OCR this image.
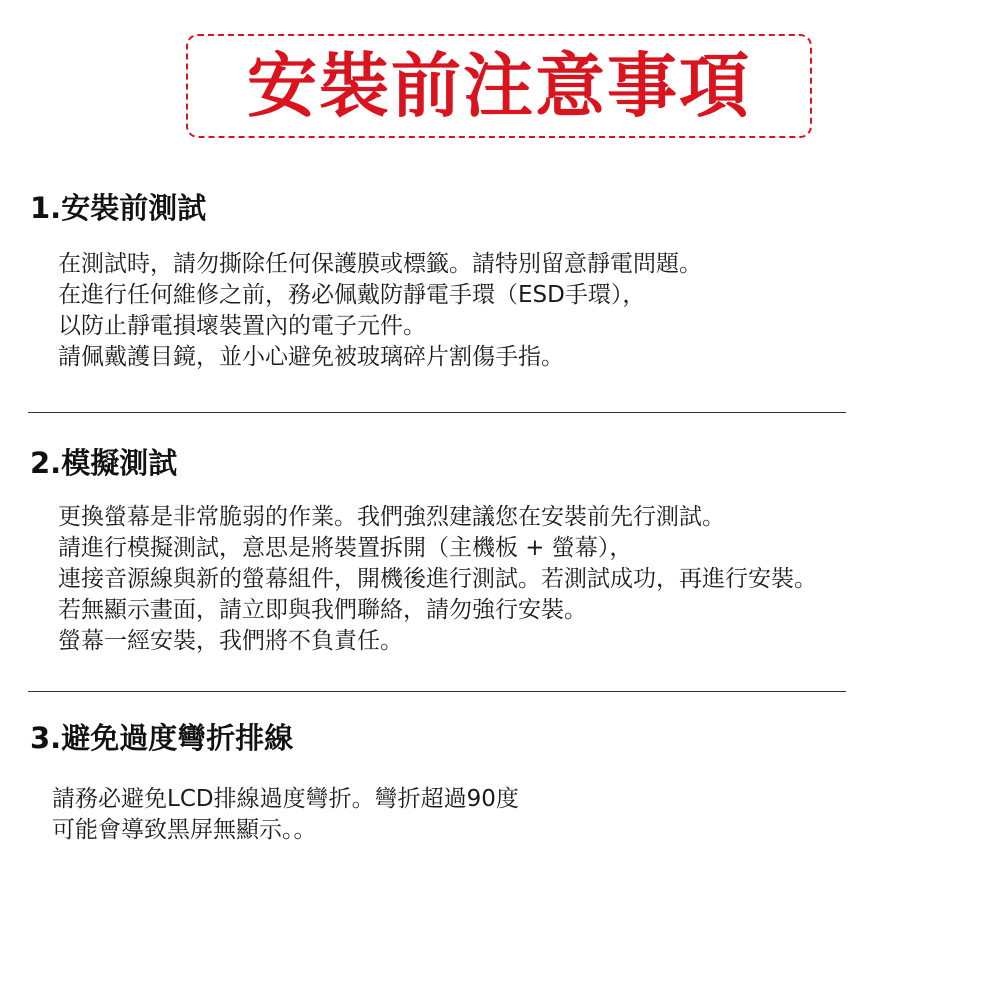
安裝前注意事項
1.安裝前測試
在測試時，請勿撕除任何保護膜或標籤。請特別留意靜電問題。
在進行任何維修之前，務必佩戴防靜電手環（ESD手環），
以防止靜電損壞裝置內的電子元件。
請佩戴護目鏡，並小心避免被玻璃碎片割傷手指。
2.模擬測試
更換螢幕是非常脆弱的作業。我們強烈建議您在安裝前先行測試。
請進行模擬測試，意思是將裝置拆開（主機板 + 螢幕），
連接音源線與新的螢幕組件，開機後進行測試。若測試成功，再進行安裝。
若無顯示畫面，請立即與我們聯絡，請勿強行安裝。
螢幕一經安裝，我們將不負責任。
3.避免過度彎折排線
請務必避免LCD排線過度彎折。彎折超過90度
可能會導致黑屏無顯示。。
